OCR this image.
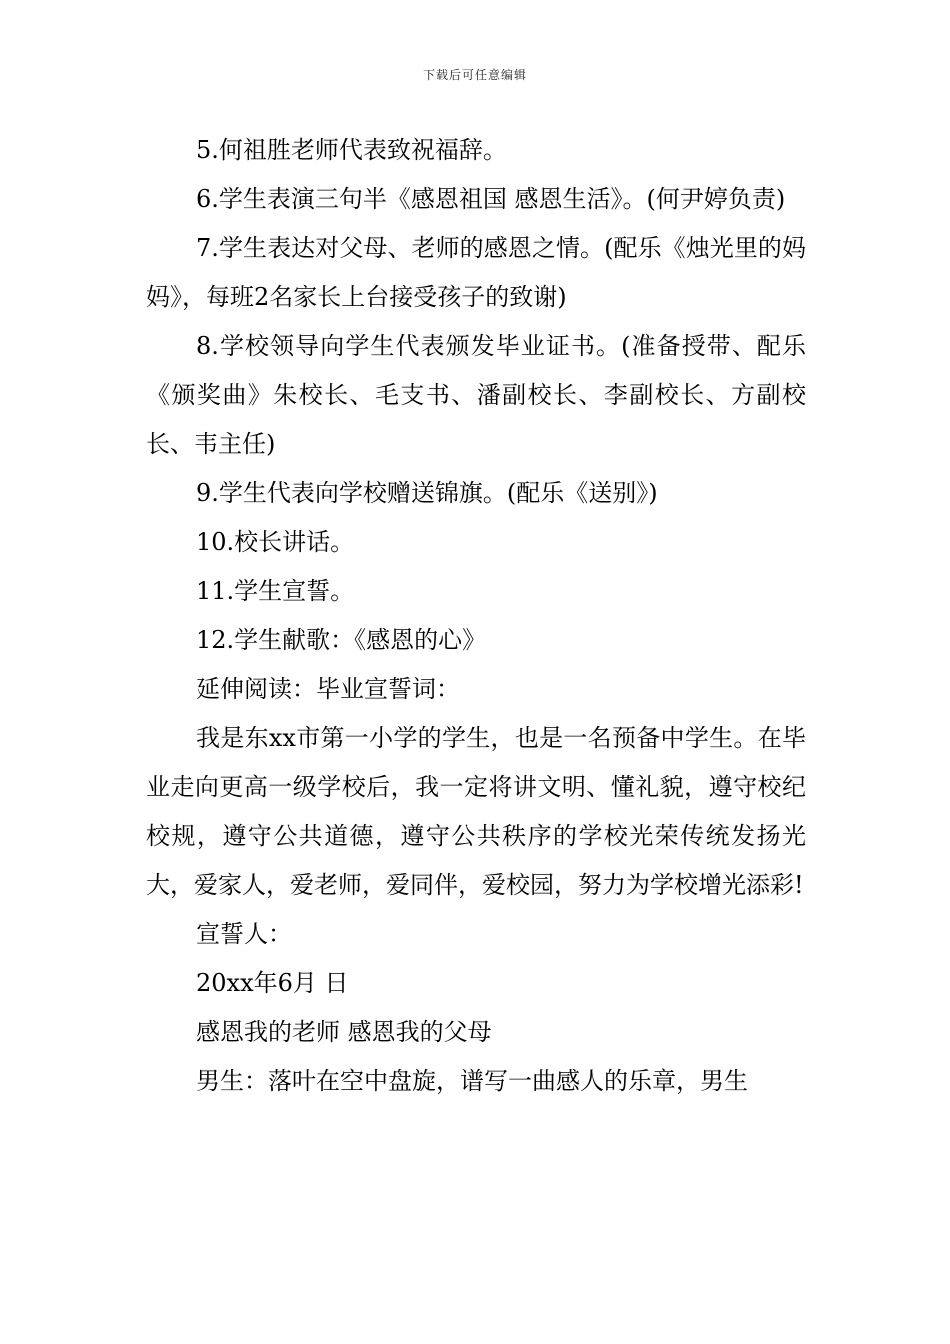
下载后可任意编辑

5.何祖胜老师代表致祝福辞。

6.学生表演三句半《感恩祖国 感恩生活》。(何尹婷负责)

7.学生表达对父母、老师的感恩之情。(配乐《烛光里的妈妈》，每班2名家长上台接受孩子的致谢)

8.学校领导向学生代表颁发毕业证书。(准备授带、配乐《颁奖曲》朱校长、毛支书、潘副校长、李副校长、方副校长、韦主任)

9.学生代表向学校赠送锦旗。(配乐《送别》)

10.校长讲话。

11.学生宣誓。

12.学生献歌：《感恩的心》

延伸阅读：毕业宣誓词：

我是东xx市第一小学的学生，也是一名预备中学生。在毕业走向更高一级学校后，我一定将讲文明、懂礼貌，遵守校纪校规，遵守公共道德，遵守公共秩序的学校光荣传统发扬光大，爱家人，爱老师，爱同伴，爱校园，努力为学校增光添彩!

宣誓人：

20xx年6月 日

感恩我的老师 感恩我的父母

男生：落叶在空中盘旋，谱写一曲感人的乐章，男生
